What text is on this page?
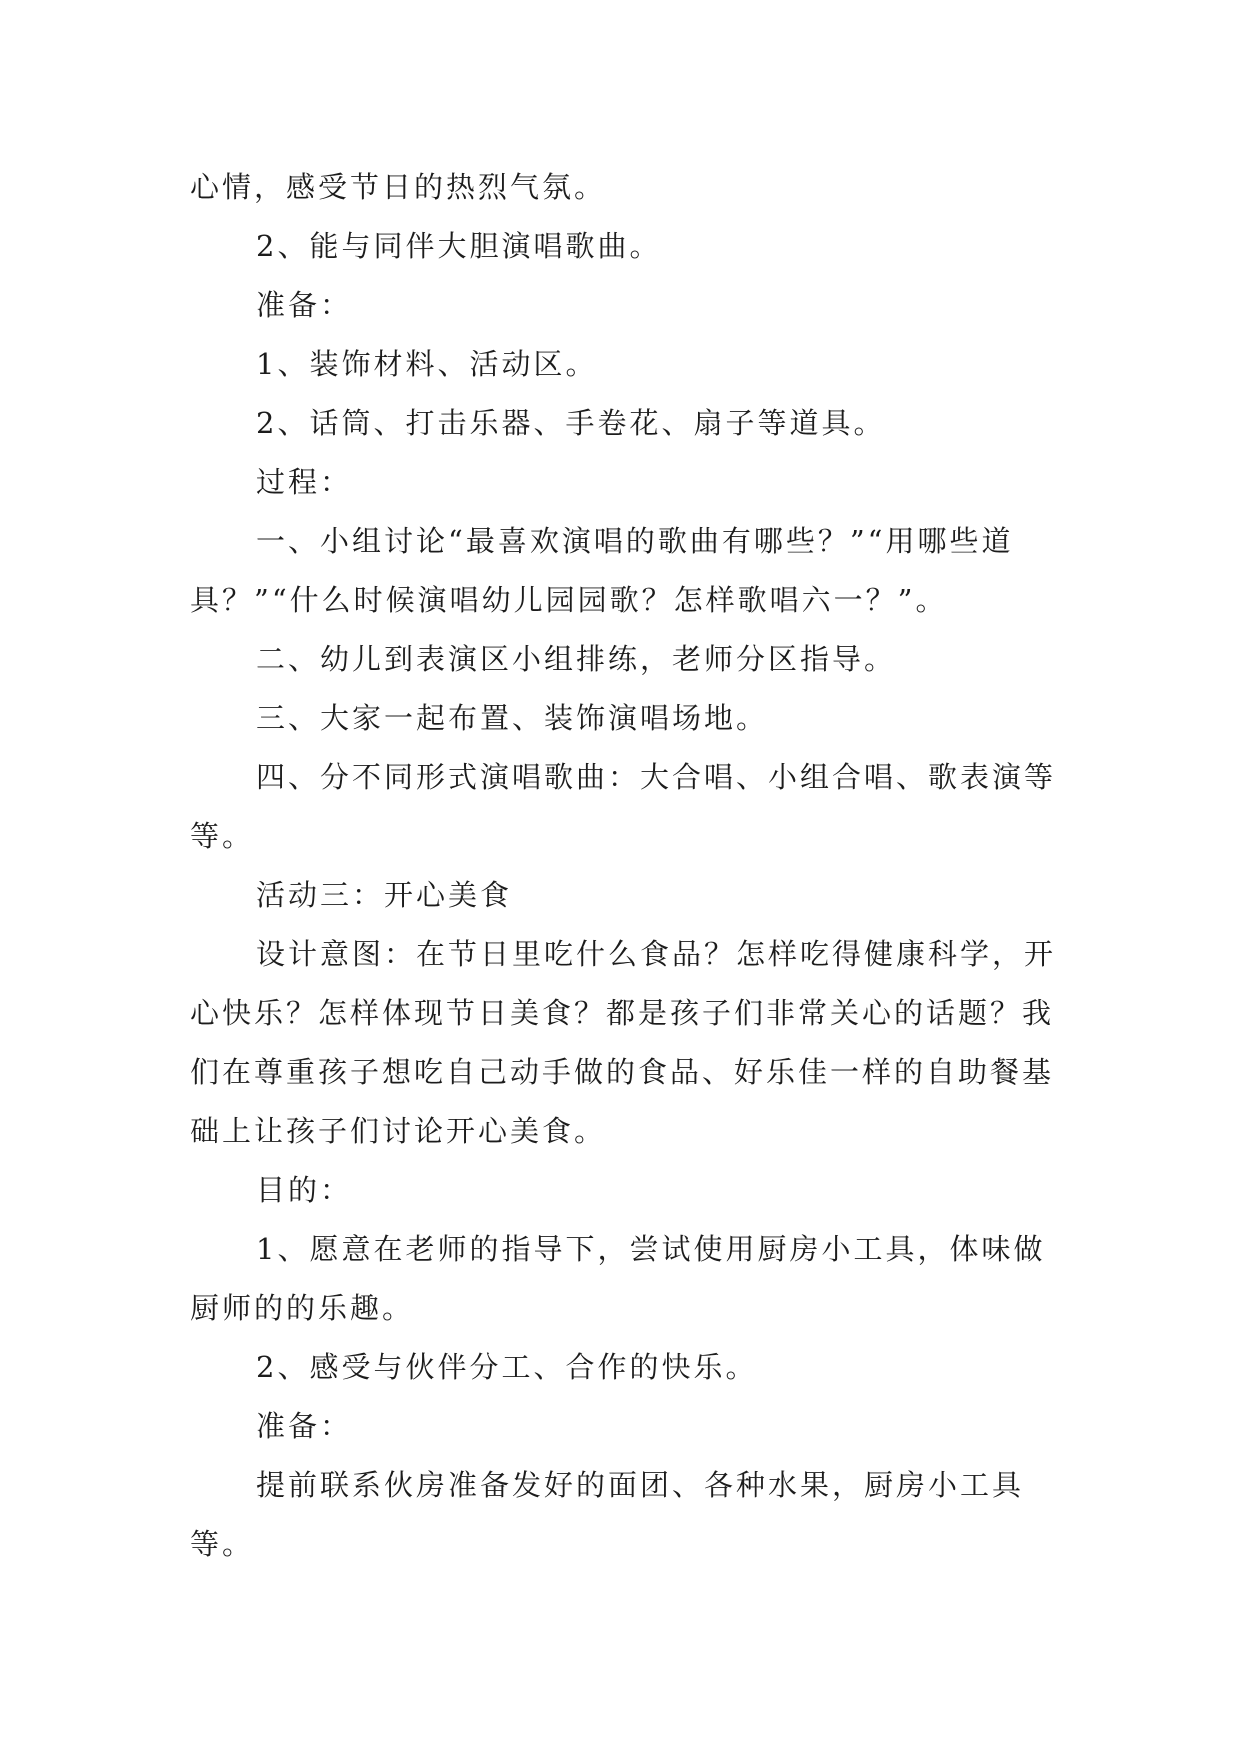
心情，感受节日的热烈气氛。

2、能与同伴大胆演唱歌曲。

准备：

1、装饰材料、活动区。

2、话筒、打击乐器、手卷花、扇子等道具。

过程：

一、小组讨论“最喜欢演唱的歌曲有哪些？”“用哪些道具？”“什么时候演唱幼儿园园歌？怎样歌唱六一？”。

二、幼儿到表演区小组排练，老师分区指导。

三、大家一起布置、装饰演唱场地。

四、分不同形式演唱歌曲：大合唱、小组合唱、歌表演等等。

活动三：开心美食

设计意图：在节日里吃什么食品？怎样吃得健康科学，开心快乐？怎样体现节日美食？都是孩子们非常关心的话题？我们在尊重孩子想吃自己动手做的食品、好乐佳一样的自助餐基础上让孩子们讨论开心美食。

目的：

1、愿意在老师的指导下，尝试使用厨房小工具，体味做厨师的的乐趣。

2、感受与伙伴分工、合作的快乐。

准备：

提前联系伙房准备发好的面团、各种水果，厨房小工具等。
